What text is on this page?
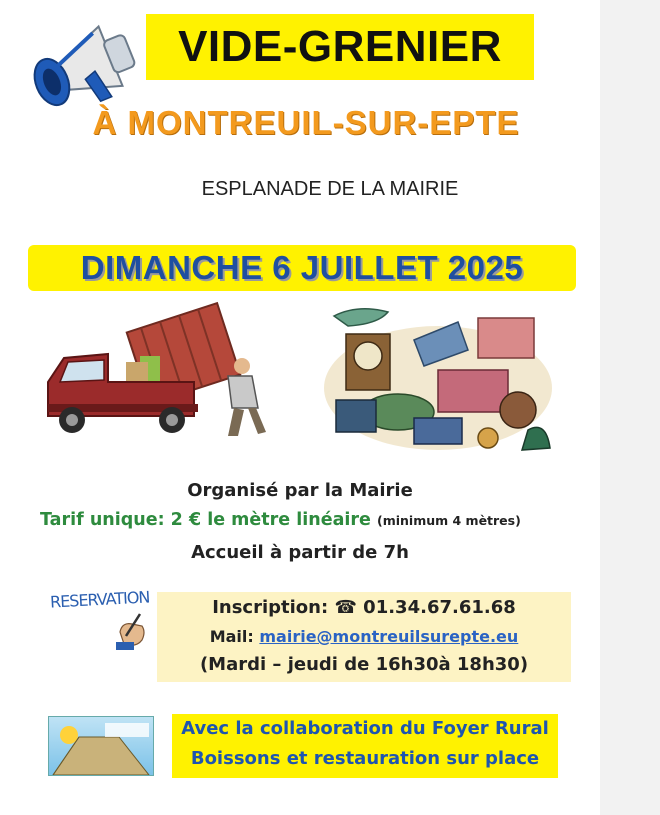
VIDE-GRENIER
À MONTREUIL-SUR-EPTE
ESPLANADE DE LA MAIRIE
DIMANCHE 6 JUILLET 2025
Organisé par la Mairie
Tarif unique: 2 € le mètre linéaire (minimum 4 mètres)
Accueil à partir de 7h
RESERVATION	Inscription: ☎ 01.34.67.61.68
Mail: mairie@montreuilsurepte.eu
(Mardi – jeudi de 16h30à 18h30)
Avec la collaboration du Foyer Rural
Boissons et restauration sur place
